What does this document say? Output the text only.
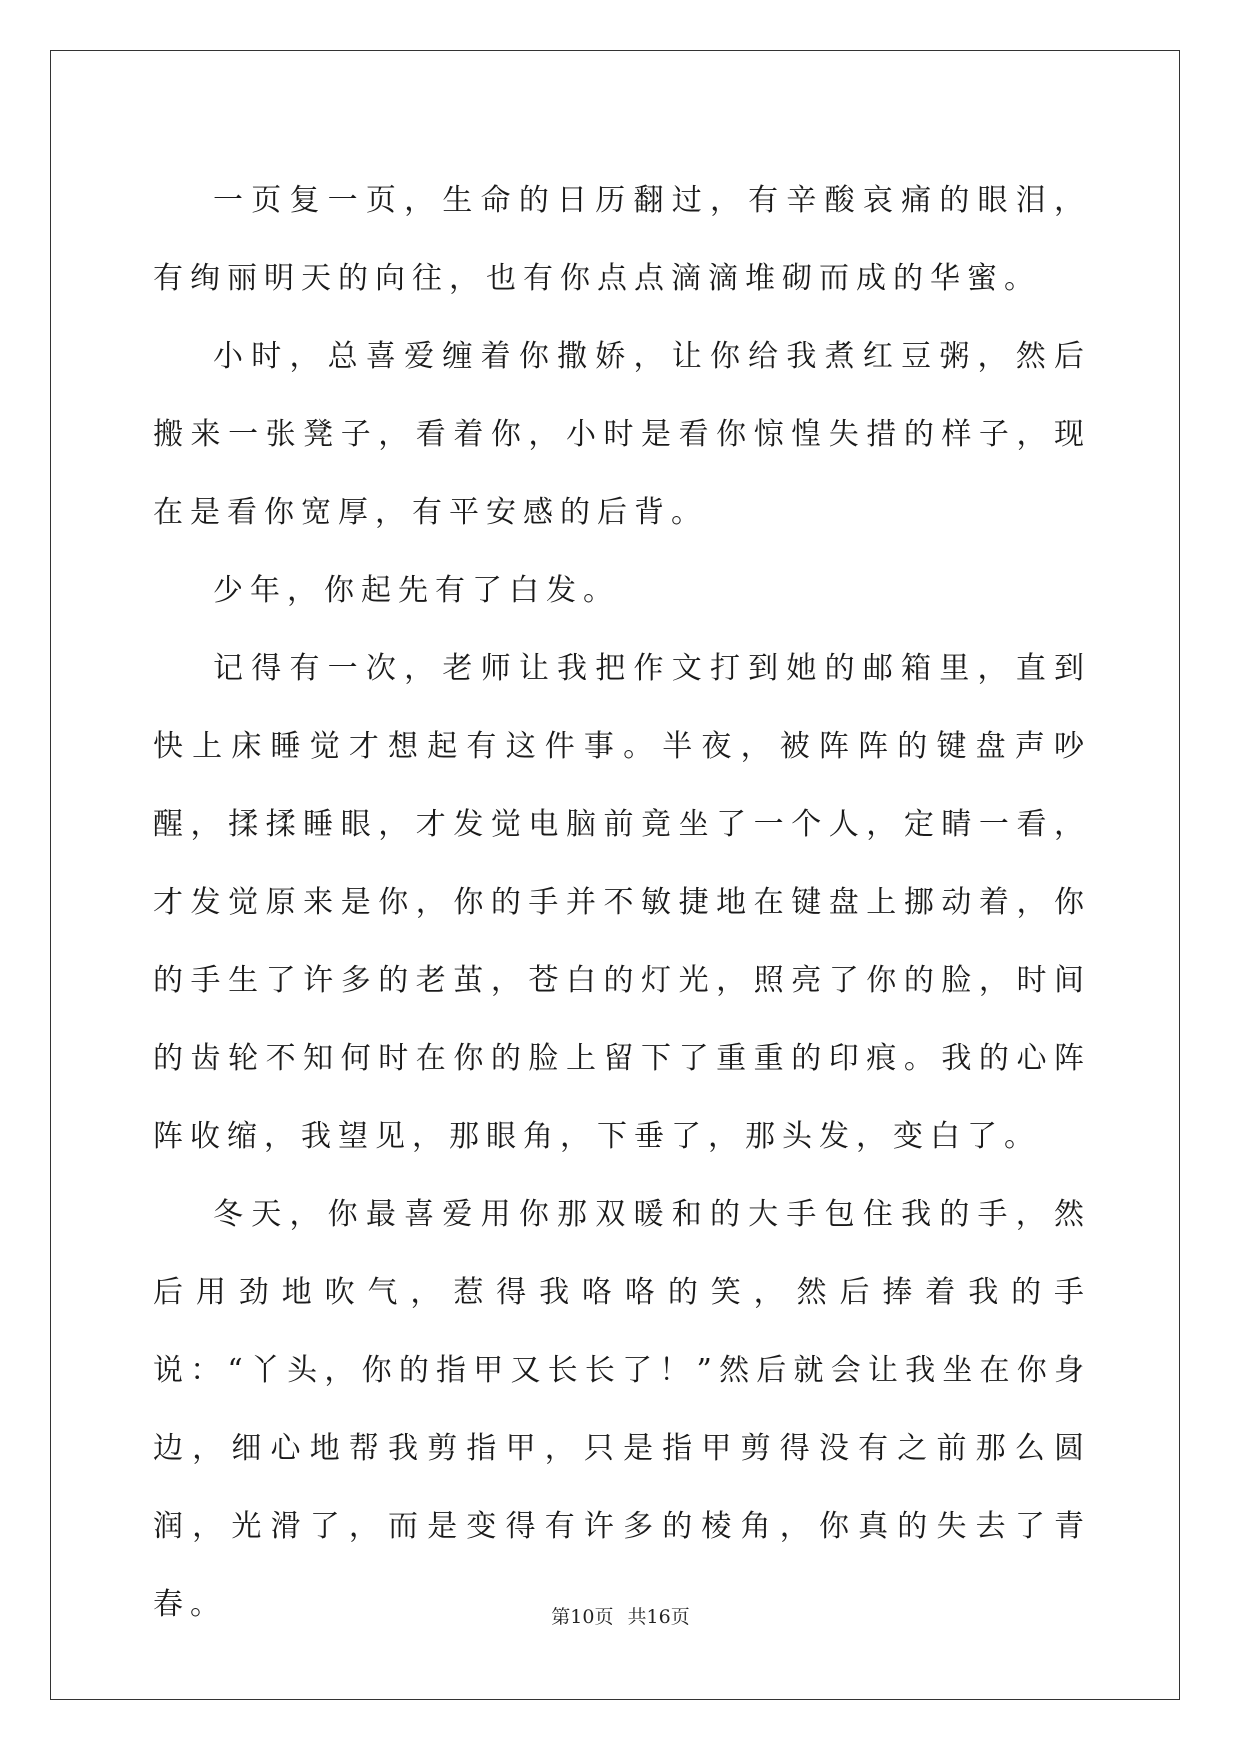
一页复一页，生命的日历翻过，有辛酸哀痛的眼泪，有绚丽明天的向往，也有你点点滴滴堆砌而成的华蜜。

小时，总喜爱缠着你撒娇，让你给我煮红豆粥，然后搬来一张凳子，看着你，小时是看你惊惶失措的样子，现在是看你宽厚，有平安感的后背。

少年，你起先有了白发。

记得有一次，老师让我把作文打到她的邮箱里，直到快上床睡觉才想起有这件事。半夜，被阵阵的键盘声吵醒，揉揉睡眼，才发觉电脑前竟坐了一个人，定睛一看，才发觉原来是你，你的手并不敏捷地在键盘上挪动着，你的手生了许多的老茧，苍白的灯光，照亮了你的脸，时间的齿轮不知何时在你的脸上留下了重重的印痕。我的心阵阵收缩，我望见，那眼角，下垂了，那头发，变白了。

冬天，你最喜爱用你那双暖和的大手包住我的手，然后用劲地吹气，惹得我咯咯的笑，然后捧着我的手说：“丫头，你的指甲又长长了！”然后就会让我坐在你身边，细心地帮我剪指甲，只是指甲剪得没有之前那么圆润，光滑了，而是变得有许多的棱角，你真的失去了青春。	第10页 共16页
